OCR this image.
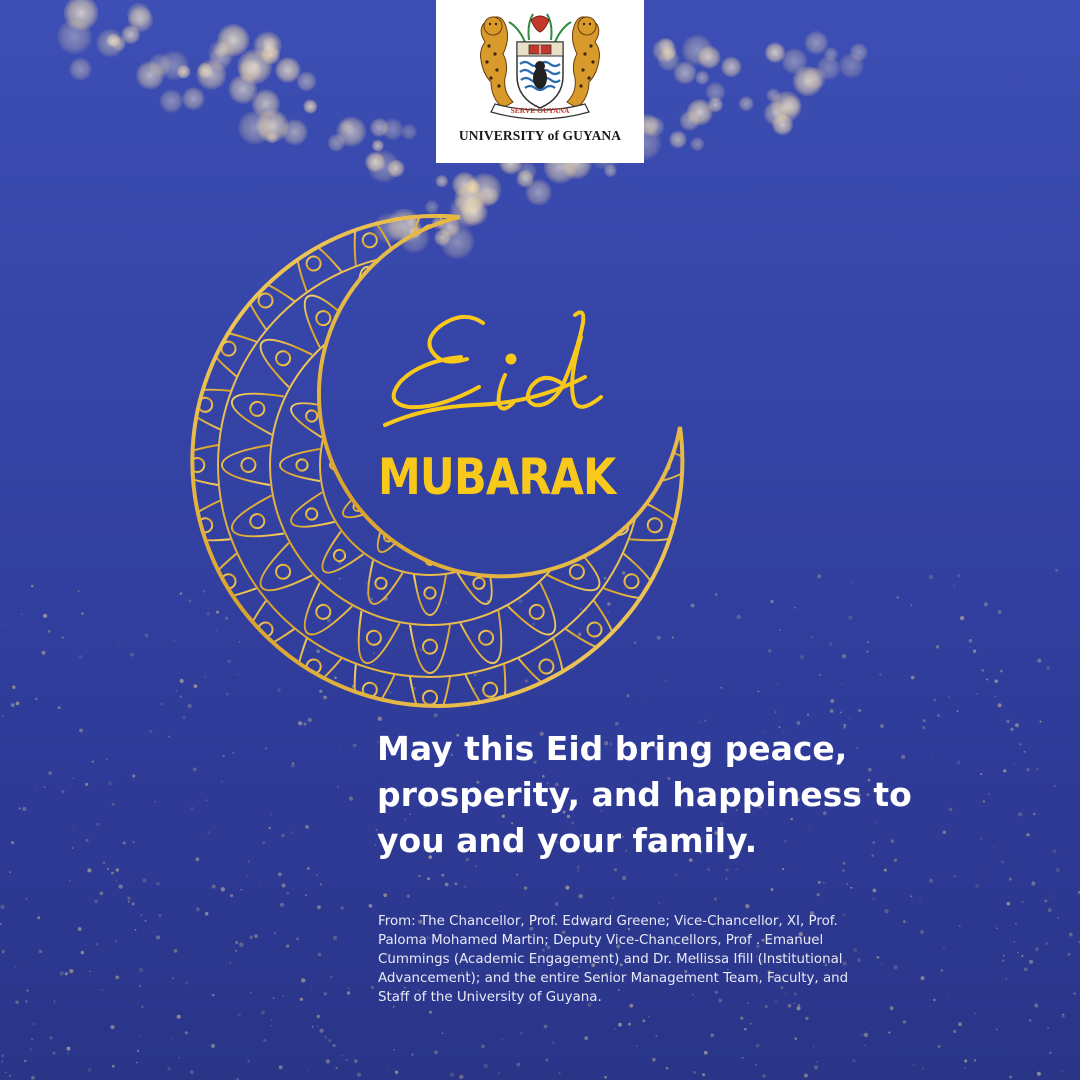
SERVE GUYANA
UNIVERSITY of GUYANA
MUBARAK

May this Eid bring peace,
prosperity, and happiness to
you and your family.

From: The Chancellor, Prof. Edward Greene; Vice-Chancellor, XI, Prof.
Paloma Mohamed Martin; Deputy Vice-Chancellors, Prof . Emanuel
Cummings (Academic Engagement) and Dr. Mellissa Ifill (Institutional
Advancement); and the entire Senior Management Team, Faculty, and
Staff of the University of Guyana.
